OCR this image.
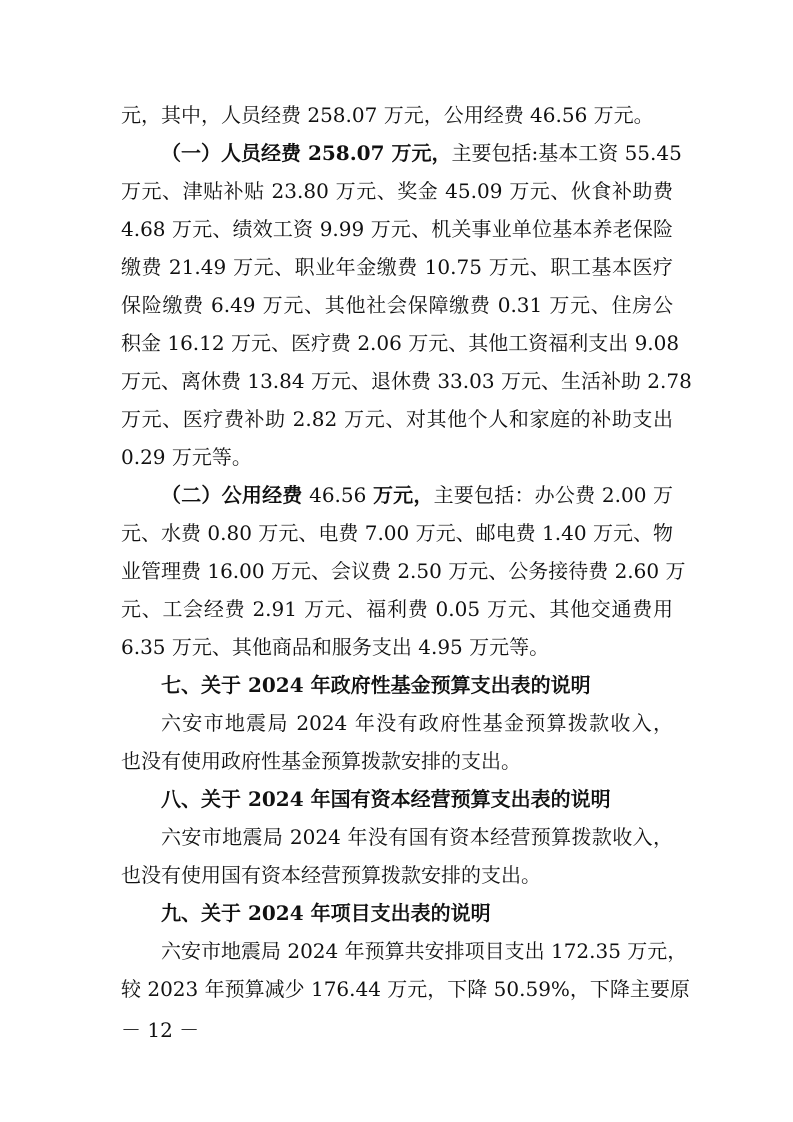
元，其中，人员经费 258.07 万元，公用经费 46.56 万元。
（一）人员经费 258.07 万元，主要包括:基本工资 55.45
万元、津贴补贴 23.80 万元、奖金 45.09 万元、伙食补助费
4.68 万元、绩效工资 9.99 万元、机关事业单位基本养老保险
缴费 21.49 万元、职业年金缴费 10.75 万元、职工基本医疗
保险缴费 6.49 万元、其他社会保障缴费 0.31 万元、住房公
积金 16.12 万元、医疗费 2.06 万元、其他工资福利支出 9.08
万元、离休费 13.84 万元、退休费 33.03 万元、生活补助 2.78
万元、医疗费补助 2.82 万元、对其他个人和家庭的补助支出
0.29 万元等。
（二）公用经费 46.56 万元，主要包括：办公费 2.00 万
元、水费 0.80 万元、电费 7.00 万元、邮电费 1.40 万元、物
业管理费 16.00 万元、会议费 2.50 万元、公务接待费 2.60 万
元、工会经费 2.91 万元、福利费 0.05 万元、其他交通费用
6.35 万元、其他商品和服务支出 4.95 万元等。
七、关于 2024 年政府性基金预算支出表的说明
六安市地震局 2024 年没有政府性基金预算拨款收入，
也没有使用政府性基金预算拨款安排的支出。
八、关于 2024 年国有资本经营预算支出表的说明
六安市地震局 2024 年没有国有资本经营预算拨款收入，
也没有使用国有资本经营预算拨款安排的支出。
九、关于 2024 年项目支出表的说明
六安市地震局 2024 年预算共安排项目支出 172.35 万元，
较 2023 年预算减少 176.44 万元，下降 50.59%，下降主要原
－ 12 －
